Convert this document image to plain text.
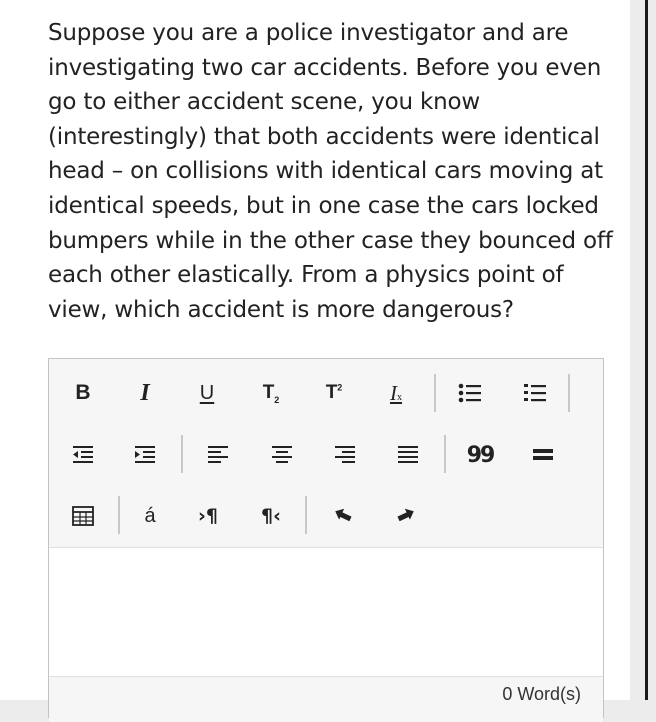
Suppose you are a police investigator and are investigating two car accidents. Before you even go to either accident scene, you know (interestingly) that both accidents were identical head – on collisions with identical cars moving at identical speeds, but in one case the cars locked bumpers while in the other case they bounced off each other elastically. From a physics point of view, which accident is more dangerous?

B I	U	$T_2$ $T^2$ Ix
99
á ›¶ ¶‹
0 Word(s)
